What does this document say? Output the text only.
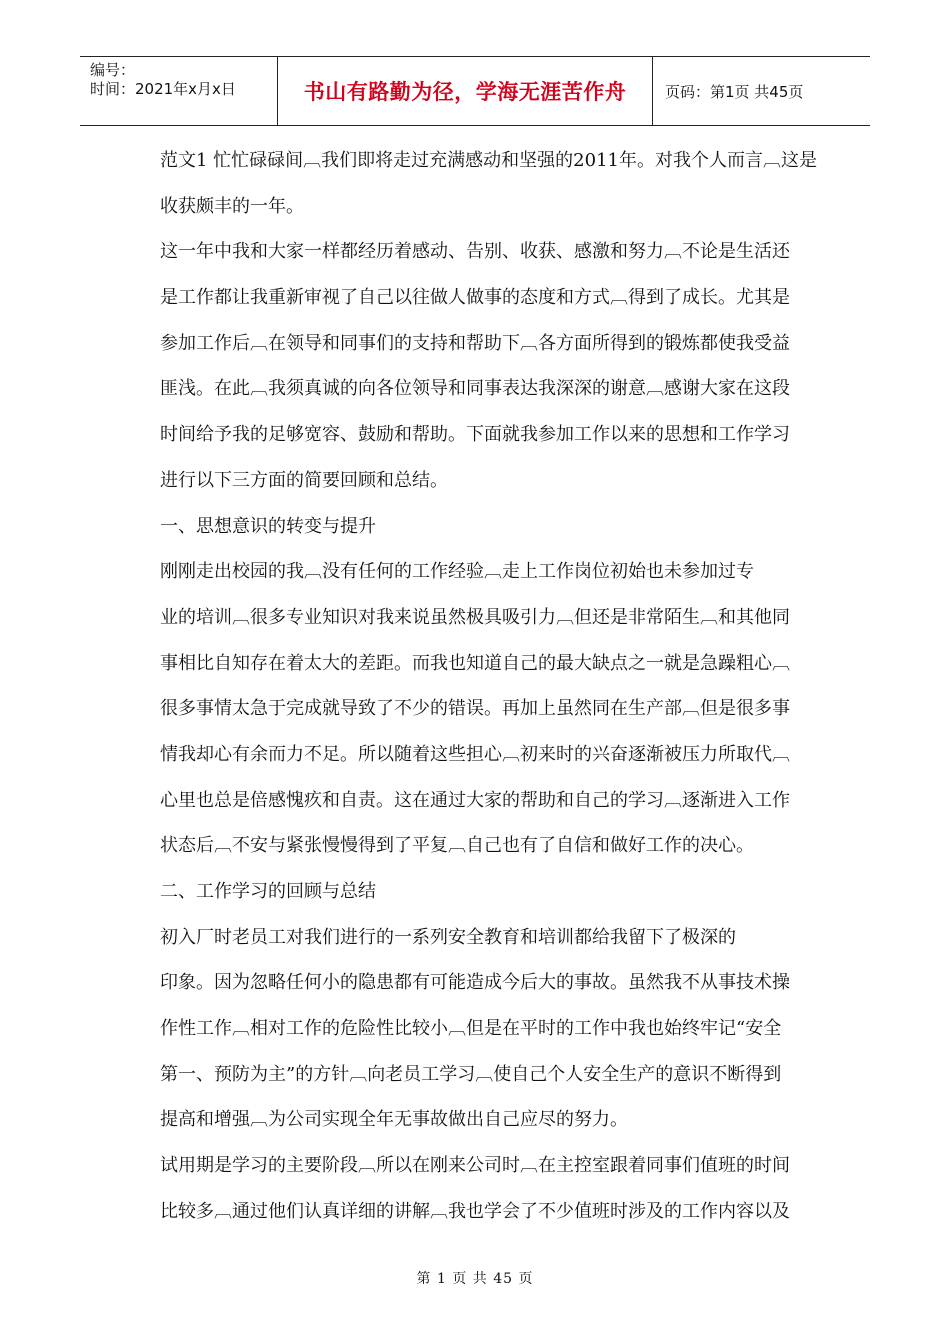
编号：
时间：2021年x月x日	书山有路勤为径，学海无涯苦作舟	页码：第1页 共45页
范文1 忙忙碌碌间︹我们即将走过充满感动和坚强的2011年。对我个人而言︹这是
收获颇丰的一年。
这一年中我和大家一样都经历着感动、告别、收获、感激和努力︹不论是生活还
是工作都让我重新审视了自己以往做人做事的态度和方式︹得到了成长。尤其是
参加工作后︹在领导和同事们的支持和帮助下︹各方面所得到的锻炼都使我受益
匪浅。在此︹我须真诚的向各位领导和同事表达我深深的谢意︹感谢大家在这段
时间给予我的足够宽容、鼓励和帮助。下面就我参加工作以来的思想和工作学习
进行以下三方面的简要回顾和总结。
一、思想意识的转变与提升
刚刚走出校园的我︹没有任何的工作经验︹走上工作岗位初始也未参加过专
业的培训︹很多专业知识对我来说虽然极具吸引力︹但还是非常陌生︹和其他同
事相比自知存在着太大的差距。而我也知道自己的最大缺点之一就是急躁粗心︹
很多事情太急于完成就导致了不少的错误。再加上虽然同在生产部︹但是很多事
情我却心有余而力不足。所以随着这些担心︹初来时的兴奋逐渐被压力所取代︹
心里也总是倍感愧疚和自责。这在通过大家的帮助和自己的学习︹逐渐进入工作
状态后︹不安与紧张慢慢得到了平复︹自己也有了自信和做好工作的决心。
二、工作学习的回顾与总结
初入厂时老员工对我们进行的一系列安全教育和培训都给我留下了极深的
印象。因为忽略任何小的隐患都有可能造成今后大的事故。虽然我不从事技术操
作性工作︹相对工作的危险性比较小︹但是在平时的工作中我也始终牢记“安全
第一、预防为主”的方针︹向老员工学习︹使自己个人安全生产的意识不断得到
提高和增强︹为公司实现全年无事故做出自己应尽的努力。
试用期是学习的主要阶段︹所以在刚来公司时︹在主控室跟着同事们值班的时间
比较多︹通过他们认真详细的讲解︹我也学会了不少值班时涉及的工作内容以及
第 1 页 共 45 页
